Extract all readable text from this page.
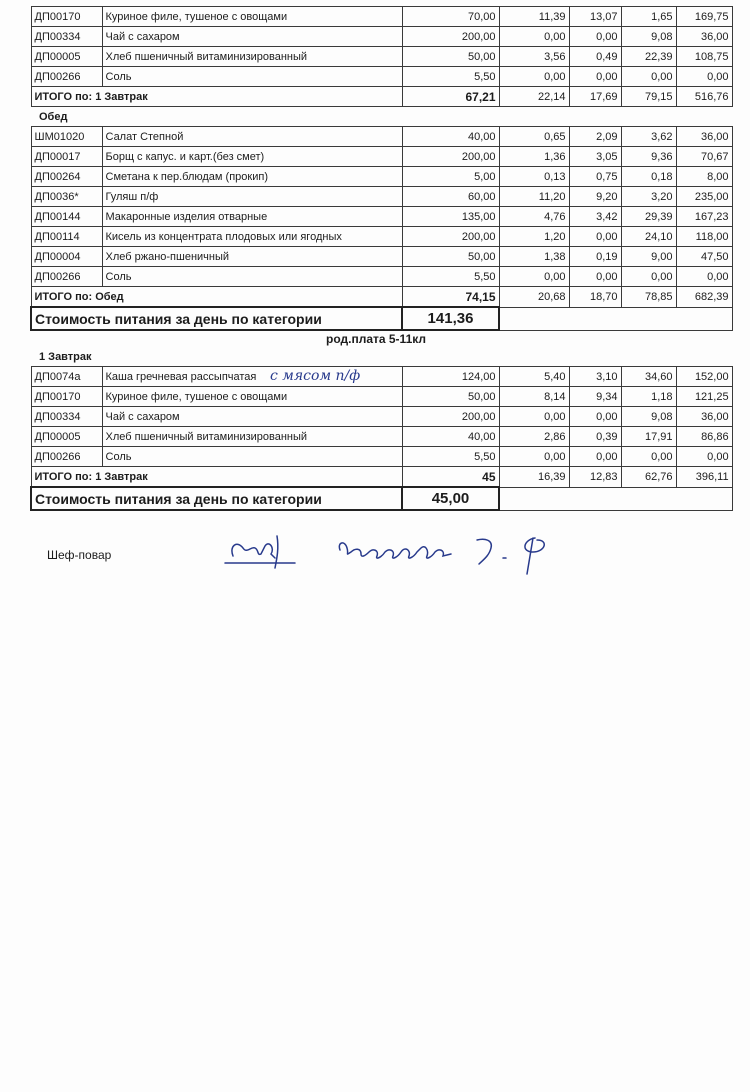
ДП00170	Куриное филе, тушеное с овощами	70,00	11,39	13,07	1,65	169,75
ДП00334	Чай с сахаром	200,00	0,00	0,00	9,08	36,00
ДП00005	Хлеб пшеничный витаминизированный	50,00	3,56	0,49	22,39	108,75
ДП00266	Соль	5,50	0,00	0,00	0,00	0,00
ИТОГО по: 1 Завтрак		67,21	22,14	17,69	79,15	516,76
Обед						
ШМ01020	Салат Степной	40,00	0,65	2,09	3,62	36,00
ДП00017	Борщ с капус. и карт.(без смет)	200,00	1,36	3,05	9,36	70,67
ДП00264	Сметана к пер.блюдам (прокип)	5,00	0,13	0,75	0,18	8,00
ДП0036*	Гуляш п/ф	60,00	11,20	9,20	3,20	235,00
ДП00144	Макаронные изделия отварные	135,00	4,76	3,42	29,39	167,23
ДП00114	Кисель из концентрата плодовых или ягодных	200,00	1,20	0,00	24,10	118,00
ДП00004	Хлеб ржано-пшеничный	50,00	1,38	0,19	9,00	47,50
ДП00266	Соль	5,50	0,00	0,00	0,00	0,00
ИТОГО по: Обед		74,15	20,68	18,70	78,85	682,39
Стоимость питания за день по категории		141,36				
род.плата 5-11кл
1 Завтрак						
ДП0074а	Каша гречневая рассыпчатая	124,00	5,40	3,10	34,60	152,00
ДП00170	Куриное филе, тушеное с овощами	50,00	8,14	9,34	1,18	121,25
ДП00334	Чай с сахаром	200,00	0,00	0,00	9,08	36,00
ДП00005	Хлеб пшеничный витаминизированный	40,00	2,86	0,39	17,91	86,86
ДП00266	Соль	5,50	0,00	0,00	0,00	0,00
ИТОГО по: 1 Завтрак		45	16,39	12,83	62,76	396,11
Стоимость питания за день по категории		45,00				
с мясом п/ф
Шеф-повар
